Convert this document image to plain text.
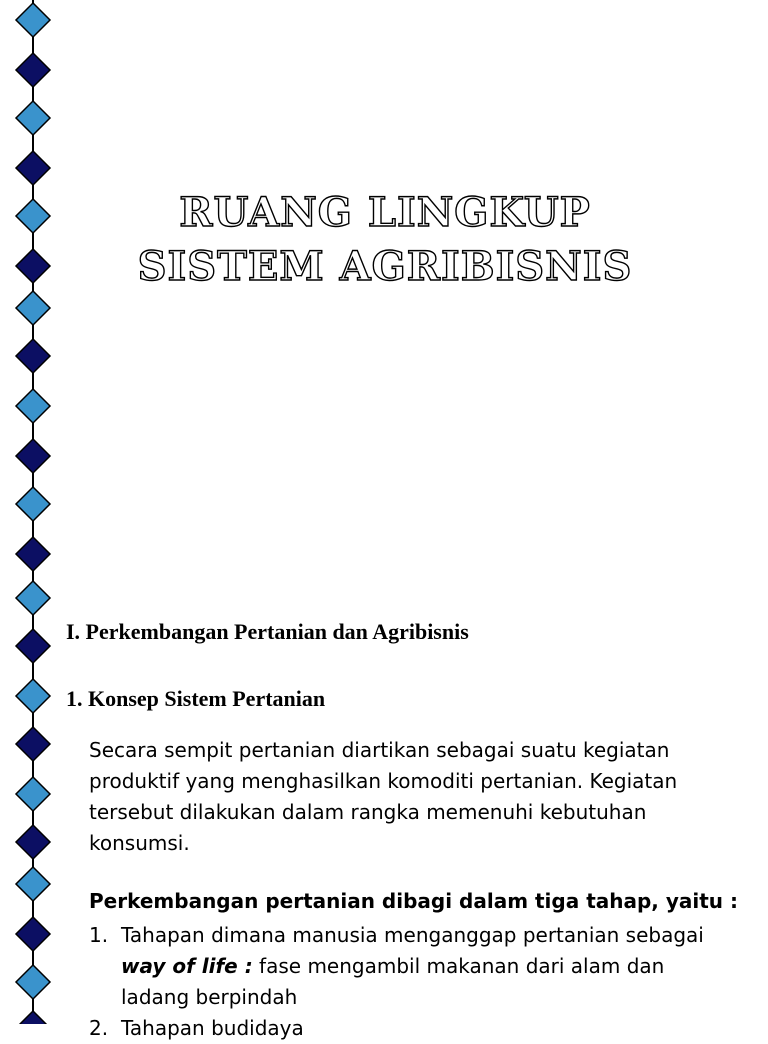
RUANG LINGKUP SISTEM AGRIBISNIS
I. Perkembangan Pertanian dan Agribisnis
1. Konsep Sistem Pertanian
Secara sempit pertanian diartikan sebagai suatu kegiatan produktif yang menghasilkan komoditi pertanian. Kegiatan tersebut dilakukan dalam rangka memenuhi kebutuhan konsumsi.
Perkembangan pertanian dibagi dalam tiga tahap, yaitu :
1. Tahapan dimana manusia menganggap pertanian sebagai way of life : fase mengambil makanan dari alam dan ladang berpindah
2. Tahapan budidaya
